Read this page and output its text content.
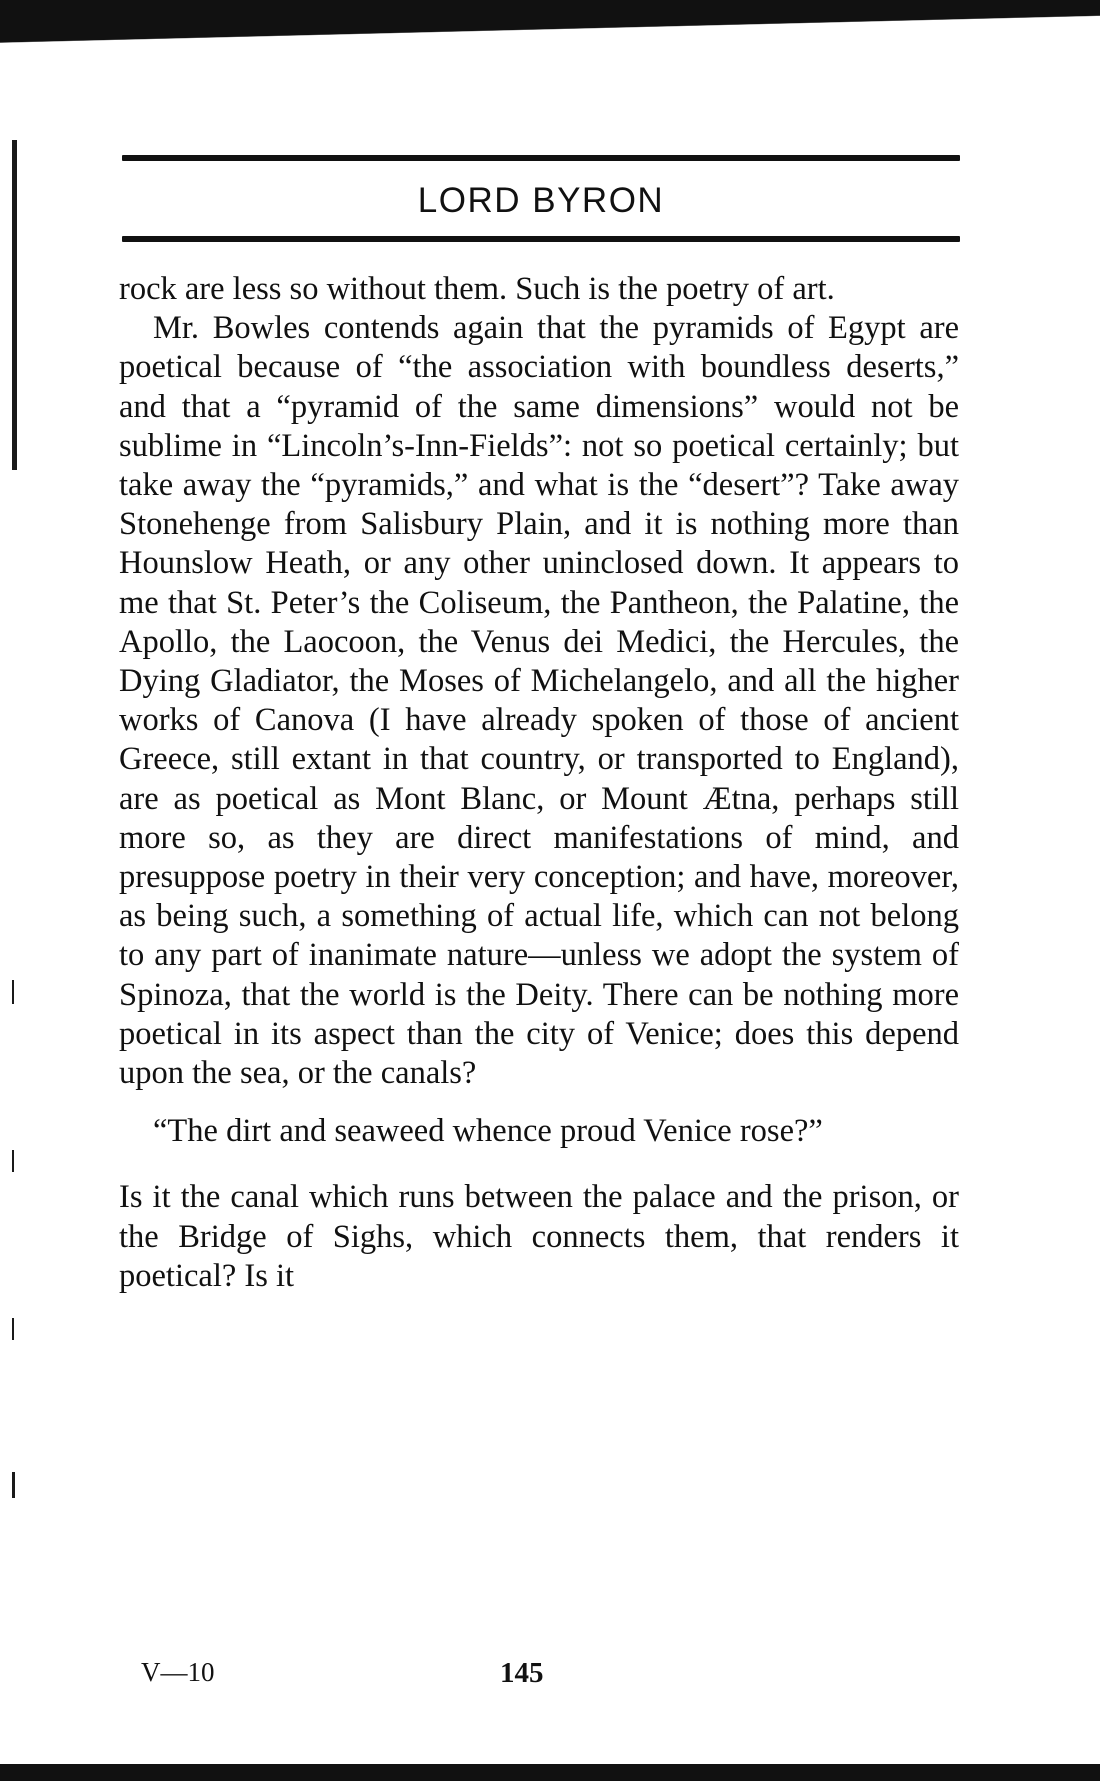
LORD BYRON

rock are less so without them. Such is the poetry of art.

Mr. Bowles contends again that the pyramids of Egypt are poetical because of “the association with boundless deserts,” and that a “pyramid of the same dimensions” would not be sublime in “Lincoln’s-Inn-Fields”: not so poetical certainly; but take away the “pyramids,” and what is the “desert”? Take away Stonehenge from Salisbury Plain, and it is nothing more than Hounslow Heath, or any other uninclosed down. It appears to me that St. Peter’s the Coliseum, the Pantheon, the Palatine, the Apollo, the Laocoon, the Venus dei Medici, the Hercules, the Dying Gladiator, the Moses of Michelangelo, and all the higher works of Canova (I have already spoken of those of ancient Greece, still extant in that country, or transported to England), are as poetical as Mont Blanc, or Mount Ætna, perhaps still more so, as they are direct manifestations of mind, and presuppose poetry in their very conception; and have, moreover, as being such, a something of actual life, which can not belong to any part of inanimate nature—unless we adopt the system of Spinoza, that the world is the Deity. There can be nothing more poetical in its aspect than the city of Venice; does this depend upon the sea, or the canals?

“The dirt and seaweed whence proud Venice rose?”

Is it the canal which runs between the palace and the prison, or the Bridge of Sighs, which connects them, that renders it poetical? Is it

V—10	145
